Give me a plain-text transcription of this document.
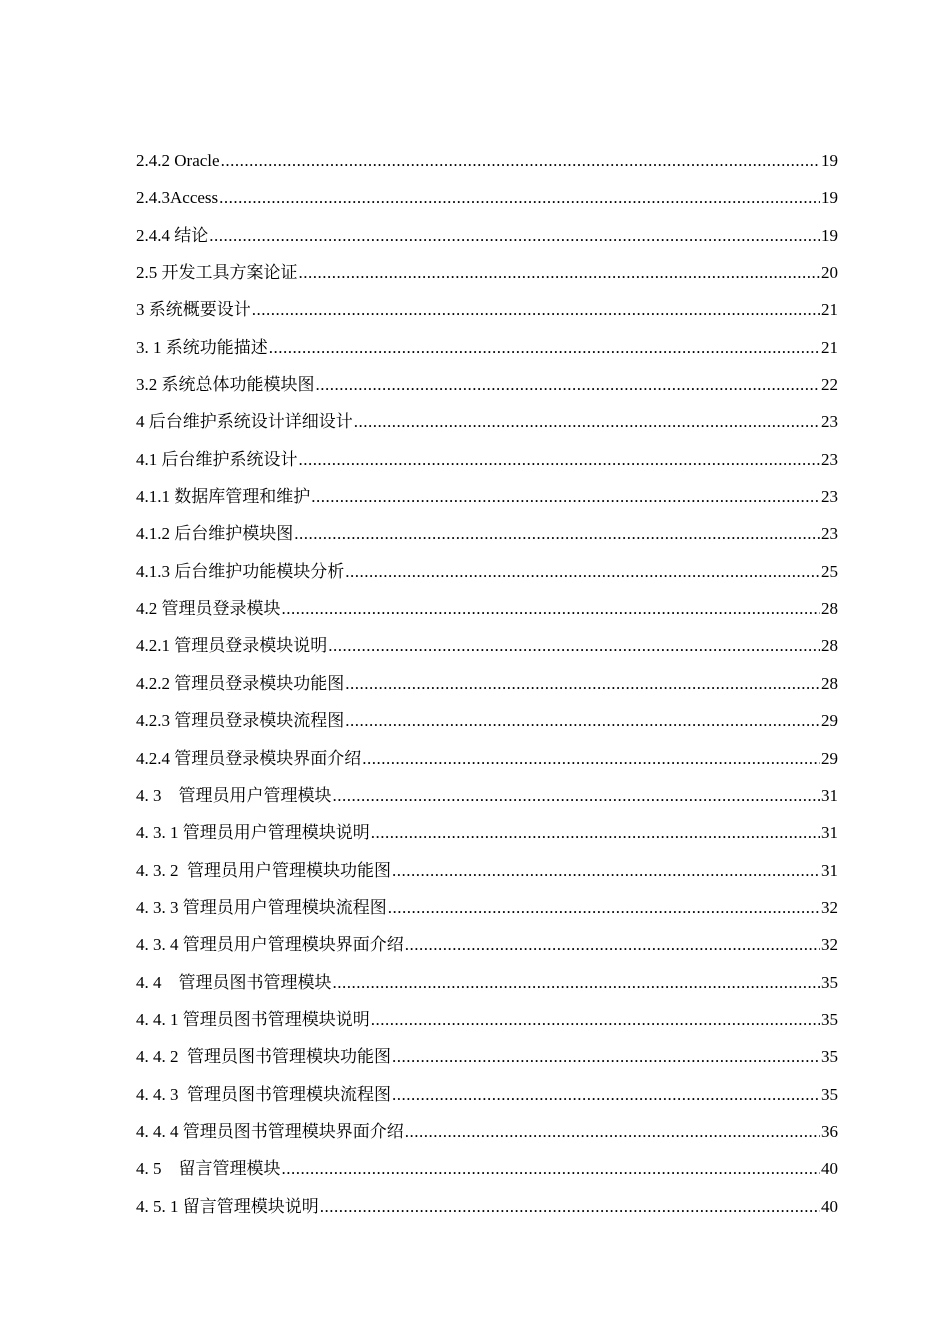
2.4.2 Oracle .....	19
2.4.3Access .....	19
2.4.4 结论 .....	19
2.5 开发工具方案论证 .....	20
3 系统概要设计 .....	21
3. 1 系统功能描述 .....	21
3.2 系统总体功能模块图 .....	22
4 后台维护系统设计详细设计 .....	23
4.1 后台维护系统设计 .....	23
4.1.1 数据库管理和维护 .....	23
4.1.2 后台维护模块图 .....	23
4.1.3 后台维护功能模块分析 .....	25
4.2 管理员登录模块 .....	28
4.2.1 管理员登录模块说明 .....	28
4.2.2 管理员登录模块功能图 .....	28
4.2.3 管理员登录模块流程图 .....	29
4.2.4 管理员登录模块界面介绍 .....	29
4. 3    管理员用户管理模块 .....	31
4. 3. 1 管理员用户管理模块说明 .....	31
4. 3. 2  管理员用户管理模块功能图 .....	31
4. 3. 3 管理员用户管理模块流程图 .....	32
4. 3. 4 管理员用户管理模块界面介绍 .....	32
4. 4    管理员图书管理模块 .....	35
4. 4. 1 管理员图书管理模块说明 .....	35
4. 4. 2  管理员图书管理模块功能图 .....	35
4. 4. 3  管理员图书管理模块流程图 .....	35
4. 4. 4 管理员图书管理模块界面介绍 .....	36
4. 5    留言管理模块 .....	40
4. 5. 1 留言管理模块说明 .....	40
